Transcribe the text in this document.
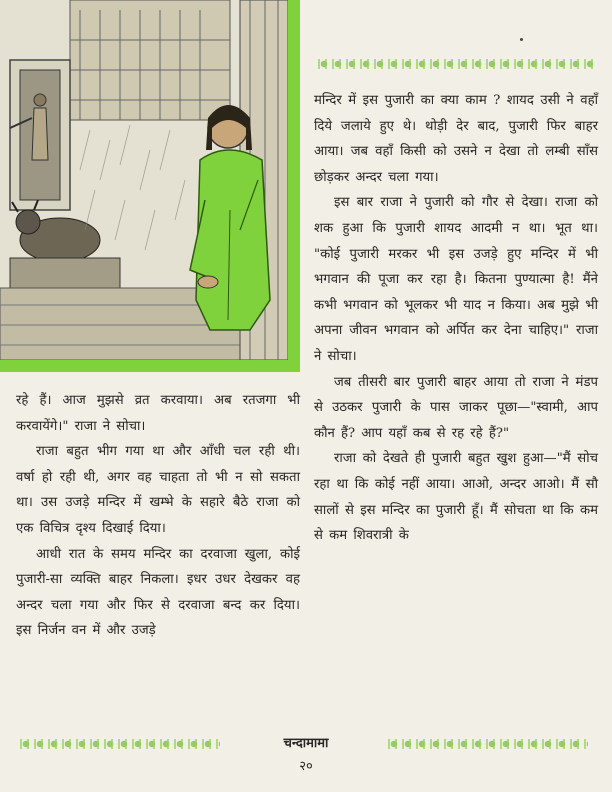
मन्दिर में इस पुजारी का क्या काम ? शायद उसी ने वहाँ दिये जलाये हुए थे। थोड़ी देर बाद, पुजारी फिर बाहर आया। जब वहाँ किसी को उसने न देखा तो लम्बी साँस छोड़कर अन्दर चला गया।

इस बार राजा ने पुजारी को गौर से देखा। राजा को शक हुआ कि पुजारी शायद आदमी न था। भूत था। "कोई पुजारी मरकर भी इस उजड़े हुए मन्दिर में भी भगवान की पूजा कर रहा है। कितना पुण्यात्मा है! मैंने कभी भगवान को भूलकर भी याद न किया। अब मुझे भी अपना जीवन भगवान को अर्पित कर देना चाहिए।" राजा ने सोचा।

जब तीसरी बार पुजारी बाहर आया तो राजा ने मंडप से उठकर पुजारी के पास जाकर पूछा—"स्वामी, आप कौन हैं? आप यहाँ कब से रह रहे हैं?"

राजा को देखते ही पुजारी बहुत खुश हुआ—"मैं सोच रहा था कि कोई नहीं आया। आओ, अन्दर आओ। मैं सौ सालों से इस मन्दिर का पुजारी हूँ। मैं सोचता था कि कम से कम शिवरात्री के

रहे हैं। आज मुझसे व्रत करवाया। अब रतजगा भी करवायेंगे।" राजा ने सोचा।

राजा बहुत भीग गया था और आँधी चल रही थी। वर्षा हो रही थी, अगर वह चाहता तो भी न सो सकता था। उस उजड़े मन्दिर में खम्भे के सहारे बैठे राजा को एक विचित्र दृश्य दिखाई दिया।

आधी रात के समय मन्दिर का दरवाजा खुला, कोई पुजारी-सा व्यक्ति बाहर निकला। इधर उधर देखकर वह अन्दर चला गया और फिर से दरवाजा बन्द कर दिया। इस निर्जन वन में और उजड़े

चन्दामामा
२०
